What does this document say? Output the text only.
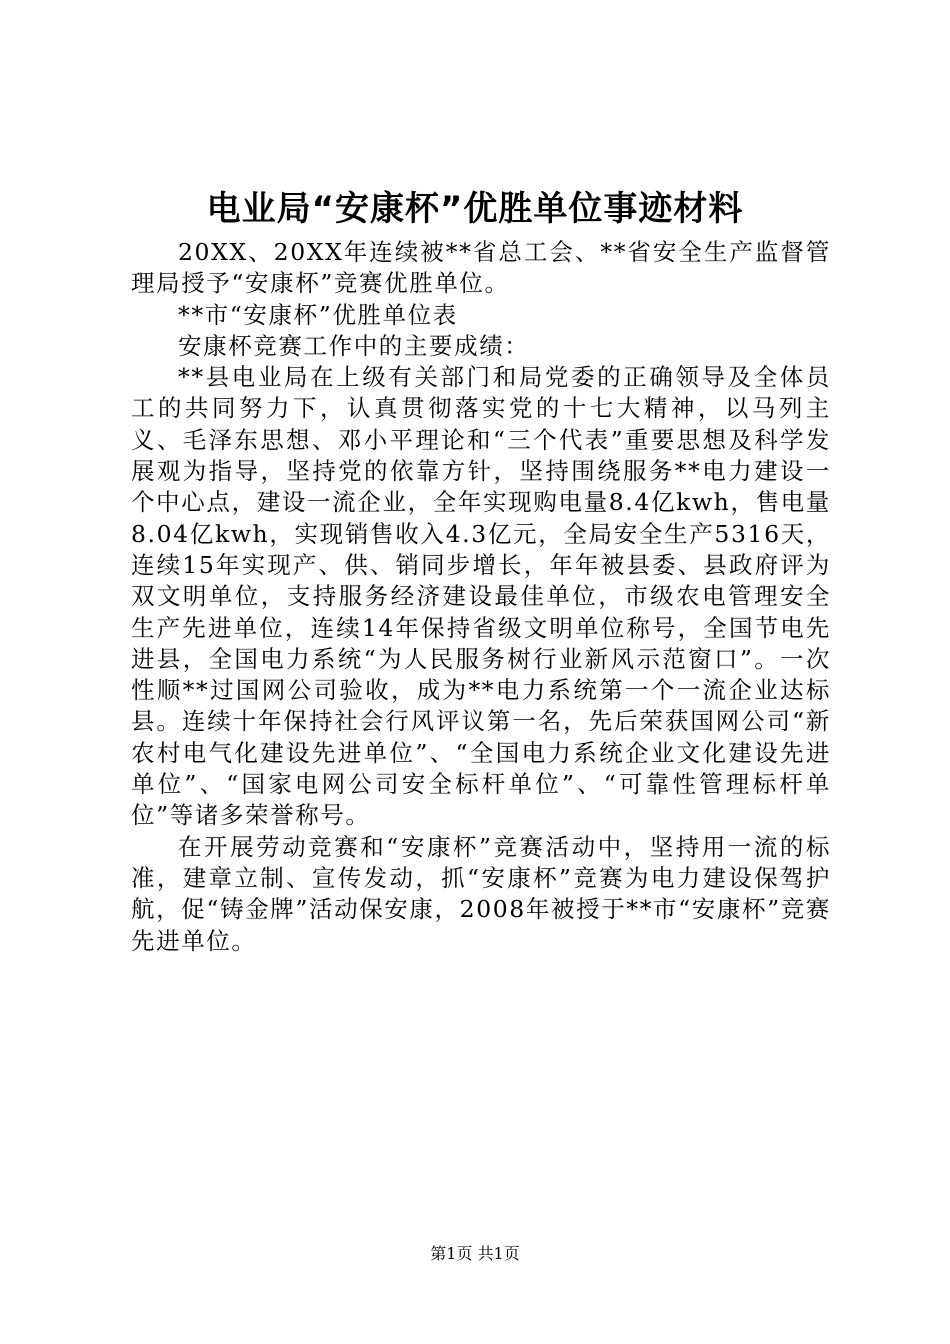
电业局“安康杯”优胜单位事迹材料

20XX、20XX年连续被**省总工会、**省安全生产监督管理局授予“安康杯”竞赛优胜单位。

**市“安康杯”优胜单位表

安康杯竞赛工作中的主要成绩：

**县电业局在上级有关部门和局党委的正确领导及全体员工的共同努力下，认真贯彻落实党的十七大精神，以马列主义、毛泽东思想、邓小平理论和“三个代表”重要思想及科学发展观为指导，坚持党的依靠方针，坚持围绕服务**电力建设一个中心点，建设一流企业，全年实现购电量8.4亿kwh，售电量8.04亿kwh，实现销售收入4.3亿元，全局安全生产5316天，连续15年实现产、供、销同步增长，年年被县委、县政府评为双文明单位，支持服务经济建设最佳单位，市级农电管理安全生产先进单位，连续14年保持省级文明单位称号，全国节电先进县，全国电力系统“为人民服务树行业新风示范窗口”。一次性顺**过国网公司验收，成为**电力系统第一个一流企业达标县。连续十年保持社会行风评议第一名，先后荣获国网公司“新农村电气化建设先进单位”、“全国电力系统企业文化建设先进单位”、“国家电网公司安全标杆单位”、“可靠性管理标杆单位”等诸多荣誉称号。

在开展劳动竞赛和“安康杯”竞赛活动中，坚持用一流的标准，建章立制、宣传发动，抓“安康杯”竞赛为电力建设保驾护航，促“铸金牌”活动保安康，2008年被授于**市“安康杯”竞赛先进单位。

第1页 共1页
